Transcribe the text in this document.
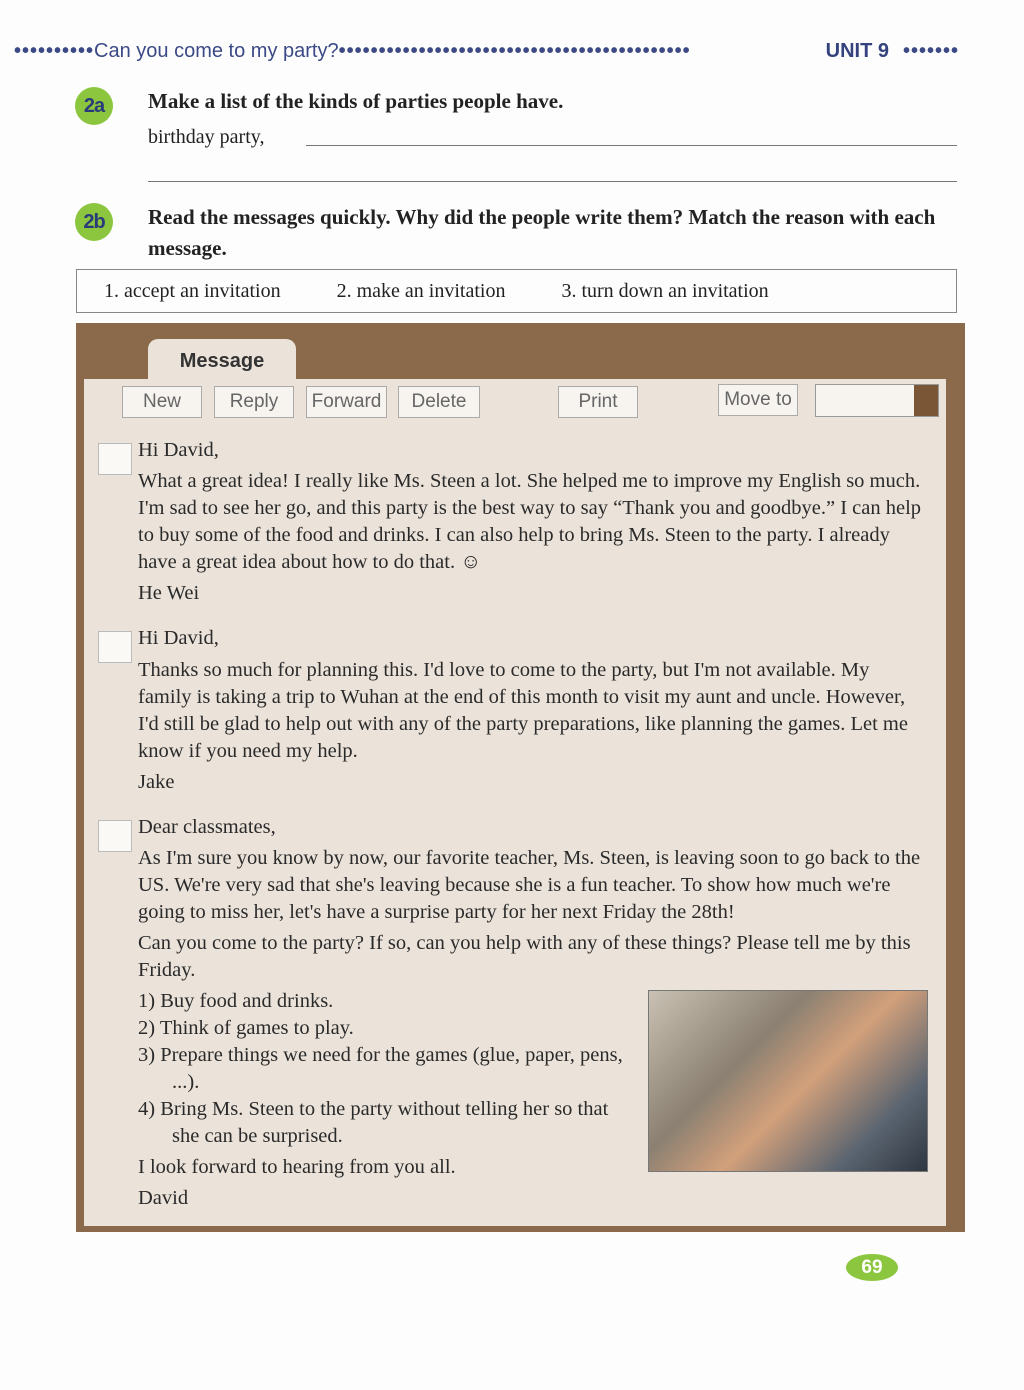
•••••••••• Can you come to my party? ••••••••••••••••••••••••••••••••••••••••••••	UNIT 9 •••••••
2a	Make a list of the kinds of parties people have.
birthday party,
2b	Read the messages quickly. Why did the people write them? Match the reason with each message.
1. accept an invitation	2. make an invitation	3. turn down an invitation
Message
New	Reply	Forward	Delete	Print	Move to

Hi David,

What a great idea! I really like Ms. Steen a lot. She helped me to improve my English so much. I'm sad to see her go, and this party is the best way to say “Thank you and goodbye.” I can help to buy some of the food and drinks. I can also help to bring Ms. Steen to the party. I already have a great idea about how to do that. ☺

He Wei

Hi David,

Thanks so much for planning this. I'd love to come to the party, but I'm not available. My family is taking a trip to Wuhan at the end of this month to visit my aunt and uncle. However, I'd still be glad to help out with any of the party preparations, like planning the games. Let me know if you need my help.

Jake

Dear classmates,

As I'm sure you know by now, our favorite teacher, Ms. Steen, is leaving soon to go back to the US. We're very sad that she's leaving because she is a fun teacher. To show how much we're going to miss her, let's have a surprise party for her next Friday the 28th!

Can you come to the party? If so, can you help with any of these things? Please tell me by this Friday.

1) Buy food and drinks.
2) Think of games to play.
3) Prepare things we need for the games (glue, paper, pens, ...).
4) Bring Ms. Steen to the party without telling her so that she can be surprised.

I look forward to hearing from you all.

David

69
